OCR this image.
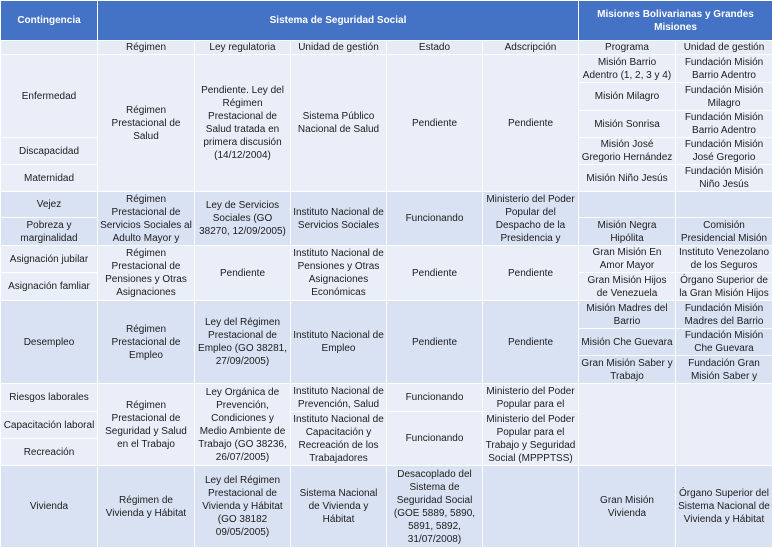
Contingencia	Sistema de Seguridad Social					Misiones Bolivarianas y Grandes Misiones	
	Régimen	Ley regulatoria	Unidad de gestión	Estado	Adscripción	Programa	Unidad de gestión
Enfermedad	Régimen Prestacional de Salud	Pendiente. Ley del Régimen Prestacional de Salud tratada en primera discusión (14/12/2004)	Sistema Público Nacional de Salud	Pendiente	Pendiente	Misión Barrio Adentro (1, 2, 3 y 4)	Fundación Misión Barrio Adentro
						Misión Milagro	Fundación Misión Milagro
						Misión Sonrisa	Fundación Misión Barrio Adentro
Discapacidad						Misión José Gregorio Hernández	Fundación Misión José Gregorio
Maternidad						Misión Niño Jesús	Fundación Misión Niño Jesús
Vejez	Régimen Prestacional de Servicios Sociales al Adulto Mayor y	Ley de Servicios Sociales (GO 38270, 12/09/2005)	Instituto Nacional de Servicios Sociales	Funcionando	Ministerio del Poder Popular del Despacho de la Presidencia y		
Pobreza y marginalidad						Misión Negra Hipólita	Comisión Presidencial Misión
Asignación jubilar	Régimen Prestacional de Pensiones y Otras Asignaciones	Pendiente	Instituto Nacional de Pensiones y Otras Asignaciones Económicas	Pendiente	Pendiente	Gran Misión En Amor Mayor	Instituto Venezolano de los Seguros
Asignación famliar						Gran Misión Hijos de Venezuela	Órgano Superior de la Gran Misión Hijos
Desempleo	Régimen Prestacional de Empleo	Ley del Régimen Prestacional de Empleo (GO 38281, 27/09/2005)	Instituto Nacional de Empleo	Pendiente	Pendiente	Misión Madres del Barrio	Fundación Misión Madres del Barrio
						Misión Che Guevara	Fundación Misión Che Guevara
						Gran Misión Saber y Trabajo	Fundación Gran Misión Saber y
Riesgos laborales	Régimen Prestacional de Seguridad y Salud en el Trabajo	Ley Orgánica de Prevención, Condiciones y Medio Ambiente de Trabajo (GO 38236, 26/07/2005)	Instituto Nacional de Prevención, Salud	Funcionando	Ministerio del Poder Popular para el		
Capacitación laboral			Instituto Nacional de Capacitación y Recreación de los Trabajadores	Funcionando	Ministerio del Poder Popular para el Trabajo y Seguridad Social (MPPPTSS)		
Recreación							
Vivienda	Régimen de Vivienda y Hábitat	Ley del Régimen Prestacional de Vivienda y Hábitat (GO 38182 09/05/2005)	Sistema Nacional de Vivienda y Hábitat	Desacoplado del Sistema de Seguridad Social (GOE 5889, 5890, 5891, 5892, 31/07/2008)		Gran Misión Vivienda	Órgano Superior del Sistema Nacional de Vivienda y Hábitat
